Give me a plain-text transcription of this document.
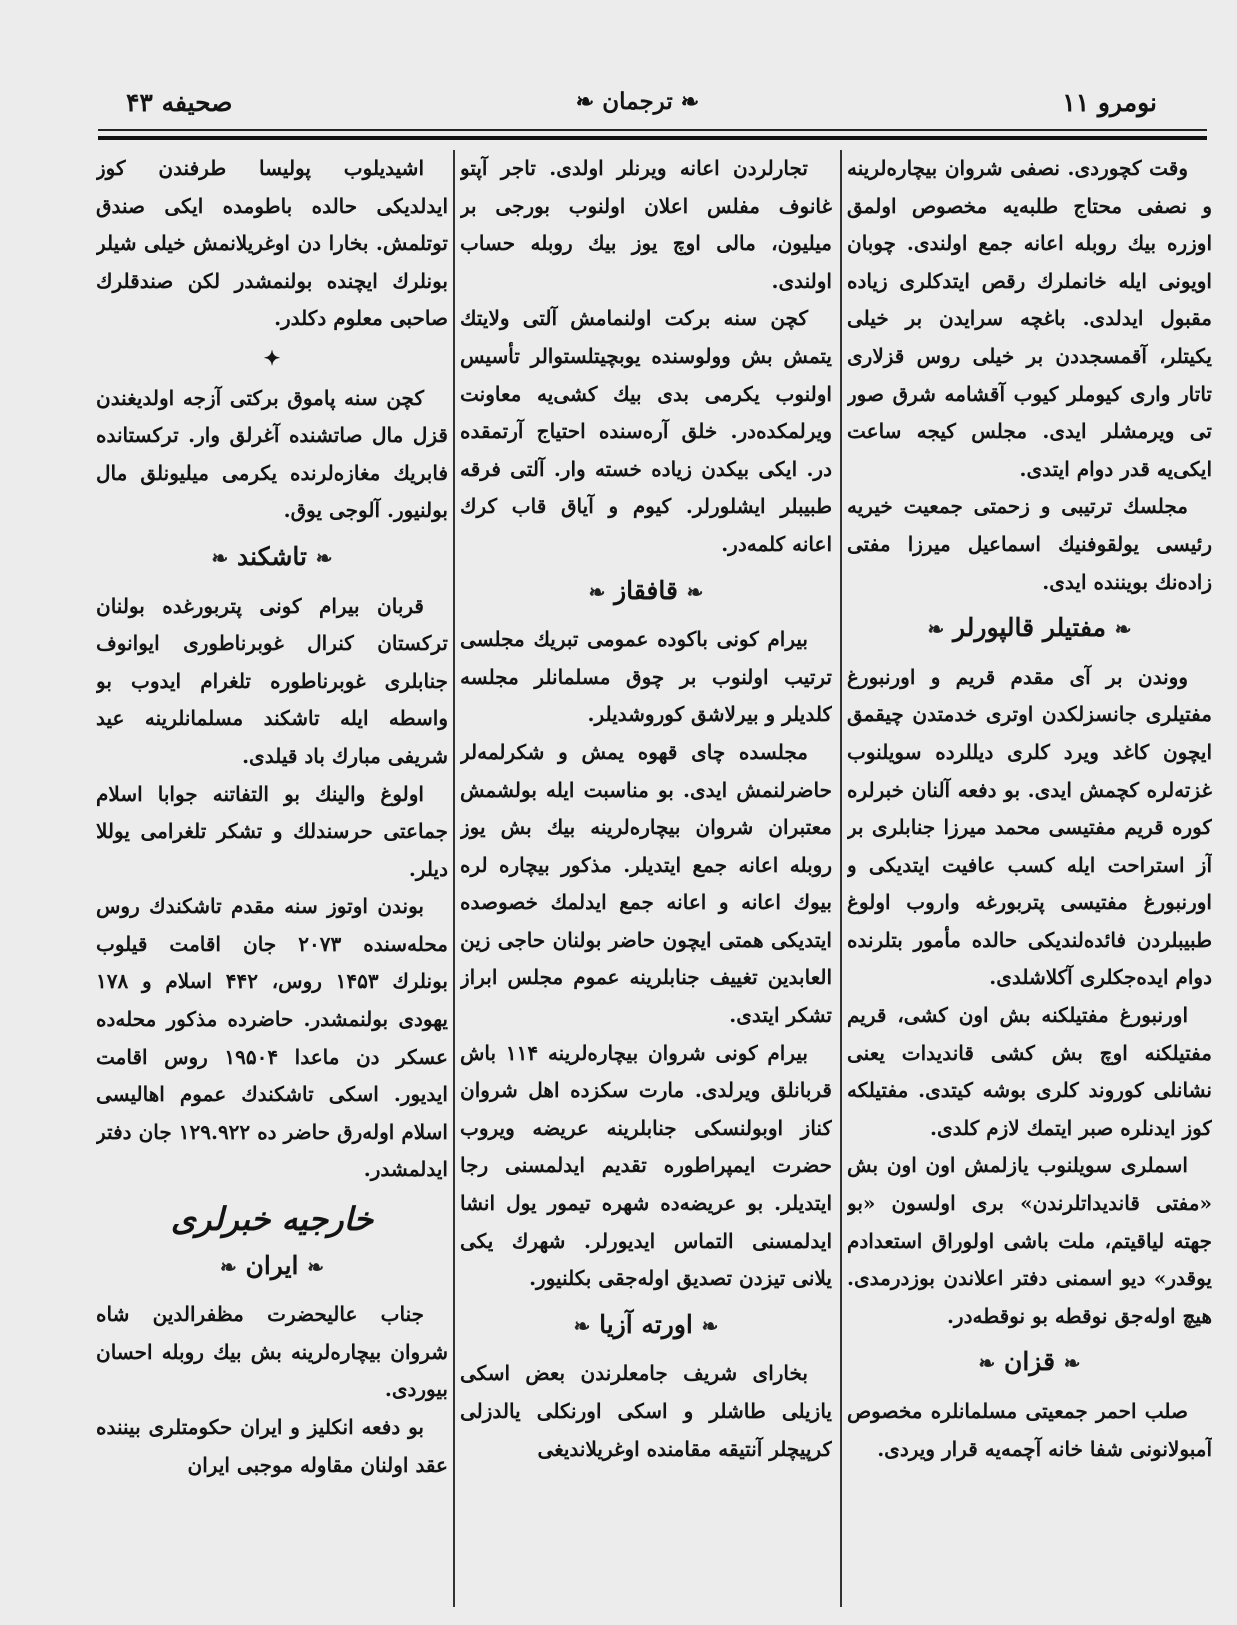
نومرو ۱۱
❧ ترجمان ❧
صحیفه ۴۳

وقت کچوردی. نصفی شروان بیچاره‌لرینه و نصفی محتاج طلبه‌یه مخصوص اولمق اوزره بیك روبله اعانه جمع اولندی. چوبان اویونی ایله خانملرك رقص ایتدکلری زیاده مقبول ایدلدی. باغچه سرایدن بر خیلی یکیتلر، آقمسجددن بر خیلی روس قزلاری تاتار واری کیوملر کیوب آقشامه شرق صور تی ویرمشلر ایدی. مجلس کیجه ساعت ایکی‌یه قدر دوام ایتدی.

مجلسك ترتیبی و زحمتی جمعیت خیریه رئیسی یولقوفنیك اسماعیل میرزا مفتی زاده‌نك بویننده ایدی.

❧ مفتیلر قالپورلر ❧

ووندن بر آی مقدم قریم و اورنبورغ مفتیلری جانسزلکدن اوتری خدمتدن چیقمق ایچون کاغد ویرد کلری دیللرده سویلنوب غزته‌لره کچمش ایدی. بو دفعه آلنان خبرلره کوره قریم مفتیسی محمد میرزا جنابلری بر آز استراحت ایله کسب عافیت ایتدیکی و اورنبورغ مفتیسی پتربورغه واروب اولوغ طبیبلردن فائده‌لندیکی حالده مأمور بتلرنده دوام ایده‌جکلری آکلاشلدی.

اورنبورغ مفتیلکنه بش اون کشی، قریم مفتیلکنه اوچ بش کشی قاندیدات یعنی نشانلی کوروند کلری بوشه کیتدی. مفتیلکه کوز ایدنلره صبر ایتمك لازم کلدی.

اسملری سویلنوب یازلمش اون اون بش «مفتی قاندیداتلرندن» بری اولسون «بو جهته لیاقیتم، ملت باشی اولوراق استعدادم یوقدر» دیو اسمنی دفتر اعلاندن بوزدرمدی. هیچ اوله‌جق نوقطه بو نوقطه‌در.

❧ قزان ❧

صلب احمر جمعیتی مسلمانلره مخصوص آمبولانونی شفا خانه آچمه‌یه قرار ویردی.

تجارلردن اعانه ویرنلر اولدی. تاجر آپتو غانوف مفلس اعلان اولنوب بورجی بر میلیون، مالی اوچ یوز بیك روبله حساب اولندی.

کچن سنه برکت اولنمامش آلتی ولایتك یتمش بش وولوسنده یوبچیتلستوالر تأسیس اولنوب یکرمی بدی بیك کشی‌یه معاونت ویرلمکده‌در. خلق آره‌سنده احتیاج آرتمقده در. ایکی بیکدن زیاده خسته وار. آلتی فرقه طبیبلر ایشلورلر. کیوم و آیاق قاب کرك اعانه کلمه‌در.

❧ قافقاز ❧

بیرام کونی باکوده عمومی تبریك مجلسی ترتیب اولنوب بر چوق مسلمانلر مجلسه کلدیلر و بیرلاشق کوروشدیلر.

مجلسده چای قهوه یمش و شکرلمه‌لر حاضرلنمش ایدی. بو مناسبت ایله بولشمش معتبران شروان بیچاره‌لرینه بیك بش یوز روبله اعانه جمع ایتدیلر. مذکور بیچاره لره بیوك اعانه و اعانه جمع ایدلمك خصوصده ایتدیکی همتی ایچون حاضر بولنان حاجی زین العابدین تغییف جنابلرینه عموم مجلس ابراز تشکر ایتدی.

بیرام کونی شروان بیچاره‌لرینه ۱۱۴ باش قربانلق ویرلدی. مارت سکزده اهل شروان کناز اوبولنسکی جنابلرینه عریضه ویروب حضرت ایمپراطوره تقدیم ایدلمسنی رجا ایتدیلر. بو عریضه‌ده شهره تیمور یول انشا ایدلمسنی التماس ایدیورلر. شهرك یکی یلانی تیزدن تصدیق اوله‌جقی بکلنیور.

❧ اورته آزیا ❧

بخارای شریف جامعلرندن بعض اسکی یازیلی طاشلر و اسکی اورنکلی یالدزلی کرپیچلر آنتیقه مقامنده اوغریلاندیغی

اشیدیلوب پولیسا طرفندن کوز ایدلدیکی حالده باطومده ایکی صندق توتلمش. بخارا دن اوغریلانمش خیلی شیلر بونلرك ایچنده بولنمشدر لکن صندقلرك صاحبی معلوم دکلدر.

✦

کچن سنه پاموق برکتی آزجه اولدیغندن قزل مال صاتشنده آغرلق وار. ترکستانده فابریك مغازه‌لرنده یکرمی میلیونلق مال بولنیور. آلوجی یوق.

❧ تاشکند ❧

قربان بیرام کونی پتربورغده بولنان ترکستان کنرال غوبرناطوری ایوانوف جنابلری غوبرناطوره تلغرام ایدوب بو واسطه ایله تاشکند مسلمانلرینه عید شریفی مبارك باد قیلدی.

اولوغ والینك بو التفاتنه جوابا اسلام جماعتی حرسندلك و تشکر تلغرامی یوللا دیلر.

بوندن اوتوز سنه مقدم تاشکندك روس محله‌سنده ۲۰۷۳ جان اقامت قیلوب بونلرك ۱۴۵۳ روس، ۴۴۲ اسلام و ۱۷۸ یهودی بولنمشدر. حاضرده مذکور محله‌ده عسکر دن ماعدا ۱۹۵۰۴ روس اقامت ایدیور. اسکی تاشکندك عموم اهالیسی اسلام اوله‌رق حاضر ده ۱۲۹.۹۲۲ جان دفتر ایدلمشدر.

خارجیه خبرلری
❧ ایران ❧

جناب عالیحضرت مظفرالدین شاه شروان بیچاره‌لرینه بش بیك روبله احسان بیوردی.

بو دفعه انکلیز و ایران حکومتلری بیننده عقد اولنان مقاوله موجبی ایران
